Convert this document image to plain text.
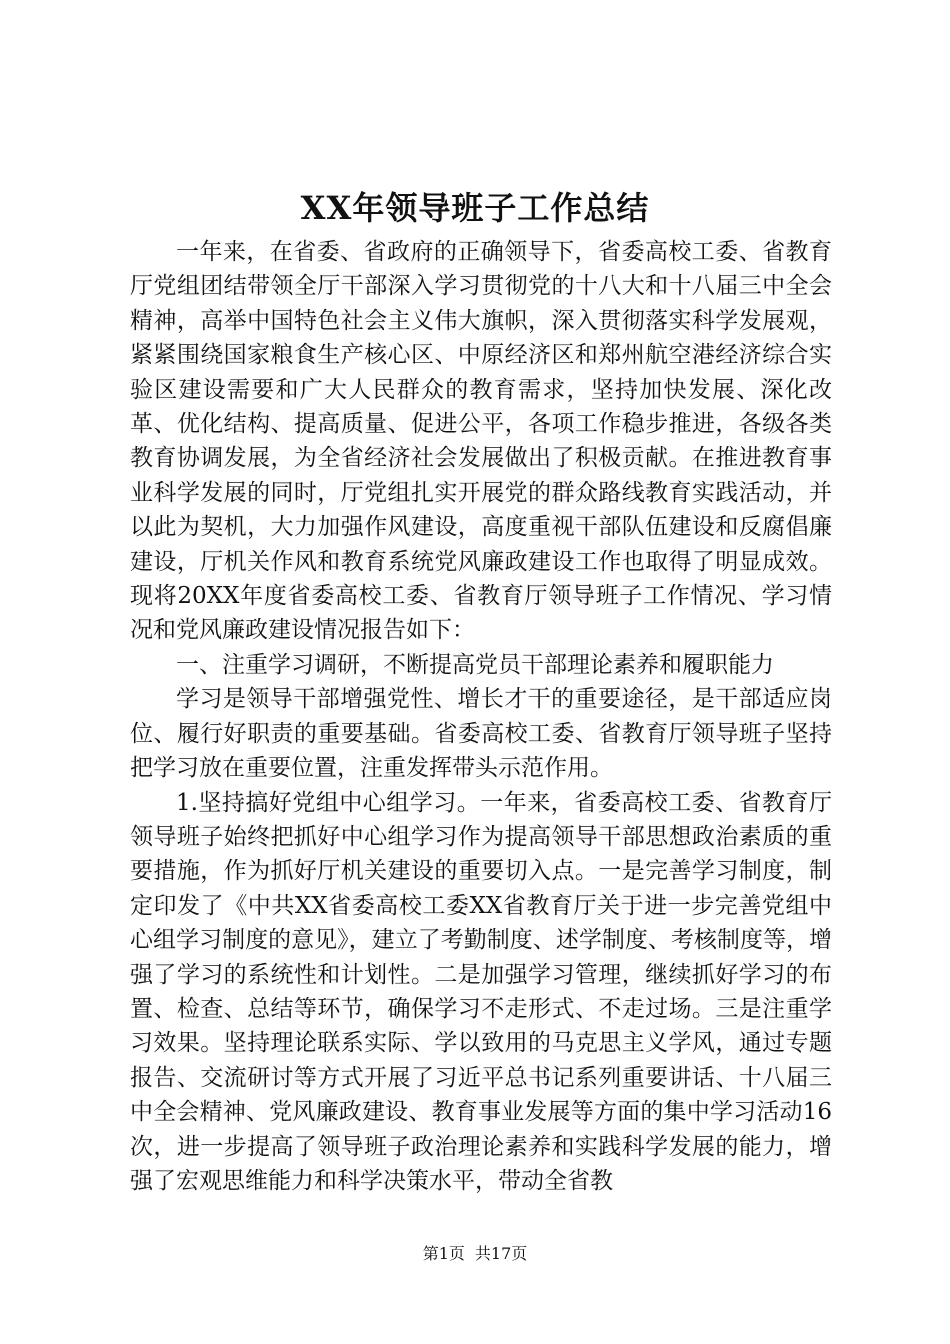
XX年领导班子工作总结

一年来，在省委、省政府的正确领导下，省委高校工委、省教育厅党组团结带领全厅干部深入学习贯彻党的十八大和十八届三中全会精神，高举中国特色社会主义伟大旗帜，深入贯彻落实科学发展观，紧紧围绕国家粮食生产核心区、中原经济区和郑州航空港经济综合实验区建设需要和广大人民群众的教育需求，坚持加快发展、深化改革、优化结构、提高质量、促进公平，各项工作稳步推进，各级各类教育协调发展，为全省经济社会发展做出了积极贡献。在推进教育事业科学发展的同时，厅党组扎实开展党的群众路线教育实践活动，并以此为契机，大力加强作风建设，高度重视干部队伍建设和反腐倡廉建设，厅机关作风和教育系统党风廉政建设工作也取得了明显成效。现将20XX年度省委高校工委、省教育厅领导班子工作情况、学习情况和党风廉政建设情况报告如下：

一、注重学习调研，不断提高党员干部理论素养和履职能力

学习是领导干部增强党性、增长才干的重要途径，是干部适应岗位、履行好职责的重要基础。省委高校工委、省教育厅领导班子坚持把学习放在重要位置，注重发挥带头示范作用。

1.坚持搞好党组中心组学习。一年来，省委高校工委、省教育厅领导班子始终把抓好中心组学习作为提高领导干部思想政治素质的重要措施，作为抓好厅机关建设的重要切入点。一是完善学习制度，制定印发了《中共XX省委高校工委XX省教育厅关于进一步完善党组中心组学习制度的意见》，建立了考勤制度、述学制度、考核制度等，增强了学习的系统性和计划性。二是加强学习管理，继续抓好学习的布置、检查、总结等环节，确保学习不走形式、不走过场。三是注重学习效果。坚持理论联系实际、学以致用的马克思主义学风，通过专题报告、交流研讨等方式开展了习近平总书记系列重要讲话、十八届三中全会精神、党风廉政建设、教育事业发展等方面的集中学习活动16次，进一步提高了领导班子政治理论素养和实践科学发展的能力，增强了宏观思维能力和科学决策水平，带动全省教

第1页 共17页
